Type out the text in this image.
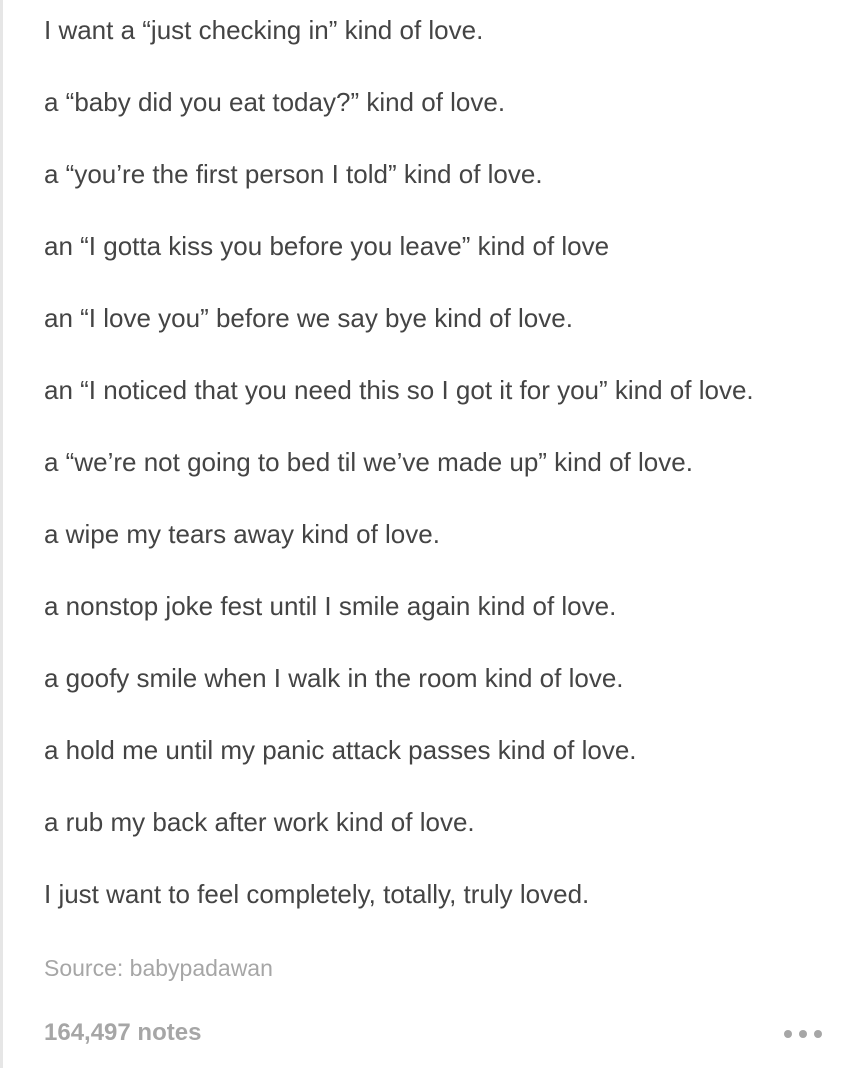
I want a “just checking in” kind of love.
a “baby did you eat today?” kind of love.
a “you’re the first person I told” kind of love.
an “I gotta kiss you before you leave” kind of love
an “I love you” before we say bye kind of love.
an “I noticed that you need this so I got it for you” kind of love.
a “we’re not going to bed til we’ve made up” kind of love.
a wipe my tears away kind of love.
a nonstop joke fest until I smile again kind of love.
a goofy smile when I walk in the room kind of love.
a hold me until my panic attack passes kind of love.
a rub my back after work kind of love.
I just want to feel completely, totally, truly loved.
Source: babypadawan
164,497 notes
